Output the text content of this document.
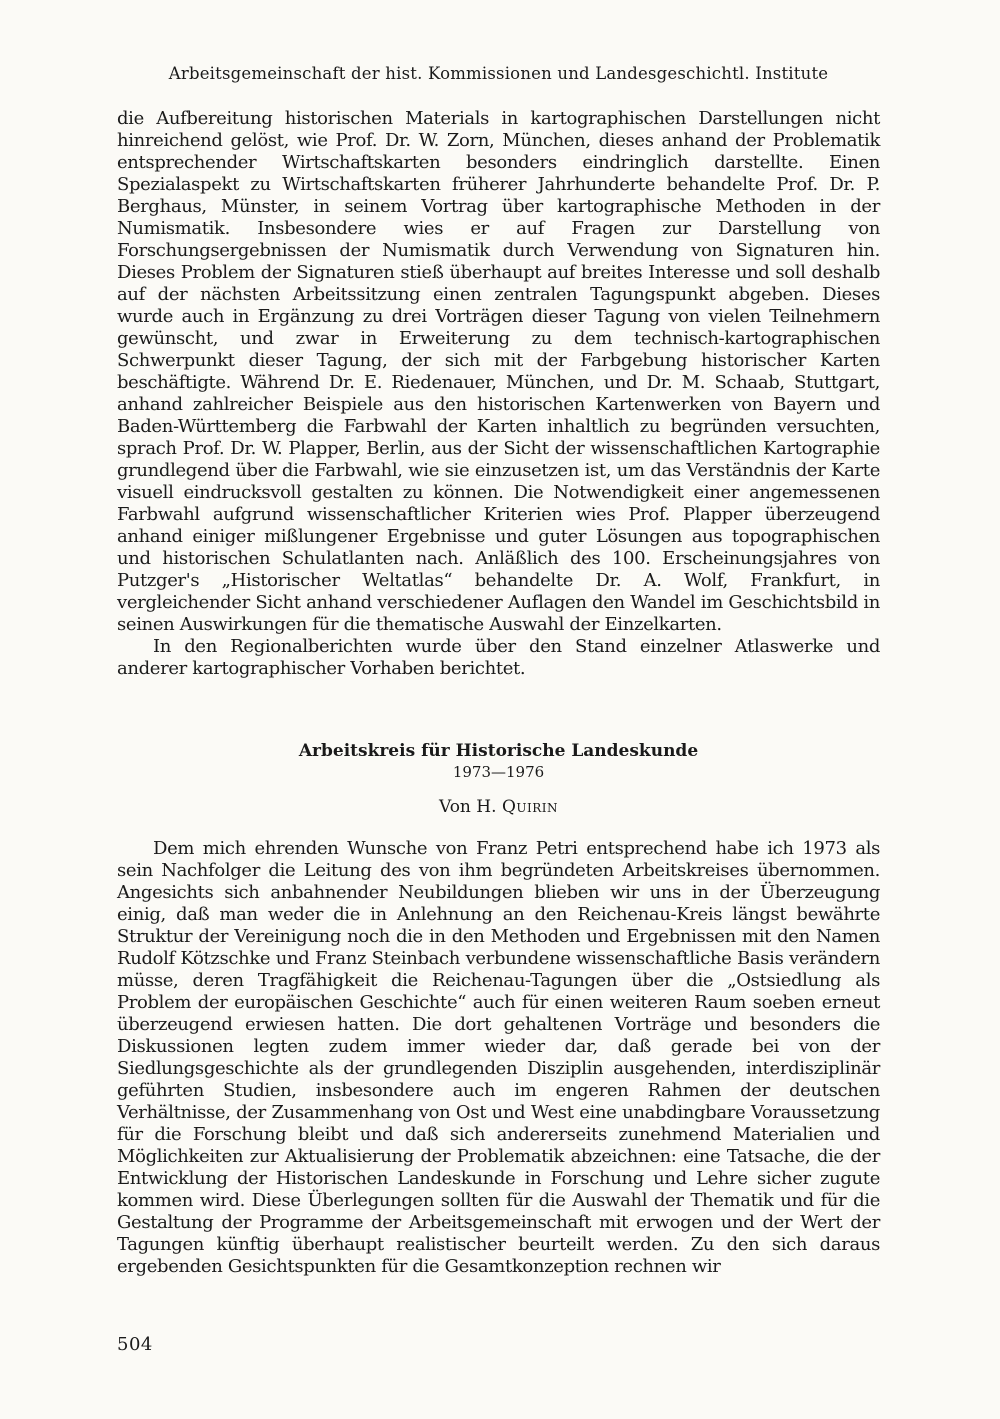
Arbeitsgemeinschaft der hist. Kommissionen und Landesgeschichtl. Institute

die Aufbereitung historischen Materials in kartographischen Darstellungen nicht hinreichend gelöst, wie Prof. Dr. W. Zorn, München, dieses anhand der Problematik entsprechender Wirtschaftskarten besonders eindringlich darstellte. Einen Spezialaspekt zu Wirtschaftskarten früherer Jahrhunderte behandelte Prof. Dr. P. Berghaus, Münster, in seinem Vortrag über kartographische Methoden in der Numismatik. Insbesondere wies er auf Fragen zur Darstellung von Forschungsergebnissen der Numismatik durch Verwendung von Signaturen hin. Dieses Problem der Signaturen stieß überhaupt auf breites Interesse und soll deshalb auf der nächsten Arbeitssitzung einen zentralen Tagungspunkt abgeben. Dieses wurde auch in Ergänzung zu drei Vorträgen dieser Tagung von vielen Teilnehmern gewünscht, und zwar in Erweiterung zu dem technisch-kartographischen Schwerpunkt dieser Tagung, der sich mit der Farbgebung historischer Karten beschäftigte. Während Dr. E. Riedenauer, München, und Dr. M. Schaab, Stuttgart, anhand zahlreicher Beispiele aus den historischen Kartenwerken von Bayern und Baden-Württemberg die Farbwahl der Karten inhaltlich zu begründen versuchten, sprach Prof. Dr. W. Plapper, Berlin, aus der Sicht der wissenschaftlichen Kartographie grundlegend über die Farbwahl, wie sie einzusetzen ist, um das Verständnis der Karte visuell eindrucksvoll gestalten zu können. Die Notwendigkeit einer angemessenen Farbwahl aufgrund wissenschaftlicher Kriterien wies Prof. Plapper überzeugend anhand einiger mißlungener Ergebnisse und guter Lösungen aus topographischen und historischen Schulatlanten nach. Anläßlich des 100. Erscheinungsjahres von Putzger's „Historischer Weltatlas“ behandelte Dr. A. Wolf, Frankfurt, in vergleichender Sicht anhand verschiedener Auflagen den Wandel im Geschichtsbild in seinen Auswirkungen für die thematische Auswahl der Einzelkarten.

In den Regionalberichten wurde über den Stand einzelner Atlaswerke und anderer kartographischer Vorhaben berichtet.

Arbeitskreis für Historische Landeskunde
1973—1976
Von H. Quirin

Dem mich ehrenden Wunsche von Franz Petri entsprechend habe ich 1973 als sein Nachfolger die Leitung des von ihm begründeten Arbeitskreises übernommen. Angesichts sich anbahnender Neubildungen blieben wir uns in der Überzeugung einig, daß man weder die in Anlehnung an den Reichenau-Kreis längst bewährte Struktur der Vereinigung noch die in den Methoden und Ergebnissen mit den Namen Rudolf Kötzschke und Franz Steinbach verbundene wissenschaftliche Basis verändern müsse, deren Tragfähigkeit die Reichenau-Tagungen über die „Ostsiedlung als Problem der europäischen Geschichte“ auch für einen weiteren Raum soeben erneut überzeugend erwiesen hatten. Die dort gehaltenen Vorträge und besonders die Diskussionen legten zudem immer wieder dar, daß gerade bei von der Siedlungsgeschichte als der grundlegenden Disziplin ausgehenden, interdisziplinär geführten Studien, insbesondere auch im engeren Rahmen der deutschen Verhältnisse, der Zusammenhang von Ost und West eine unabdingbare Voraussetzung für die Forschung bleibt und daß sich andererseits zunehmend Materialien und Möglichkeiten zur Aktualisierung der Problematik abzeichnen: eine Tatsache, die der Entwicklung der Historischen Landeskunde in Forschung und Lehre sicher zugute kommen wird. Diese Überlegungen sollten für die Auswahl der Thematik und für die Gestaltung der Programme der Arbeitsgemeinschaft mit erwogen und der Wert der Tagungen künftig überhaupt realistischer beurteilt werden. Zu den sich daraus ergebenden Gesichtspunkten für die Gesamtkonzeption rechnen wir

504
